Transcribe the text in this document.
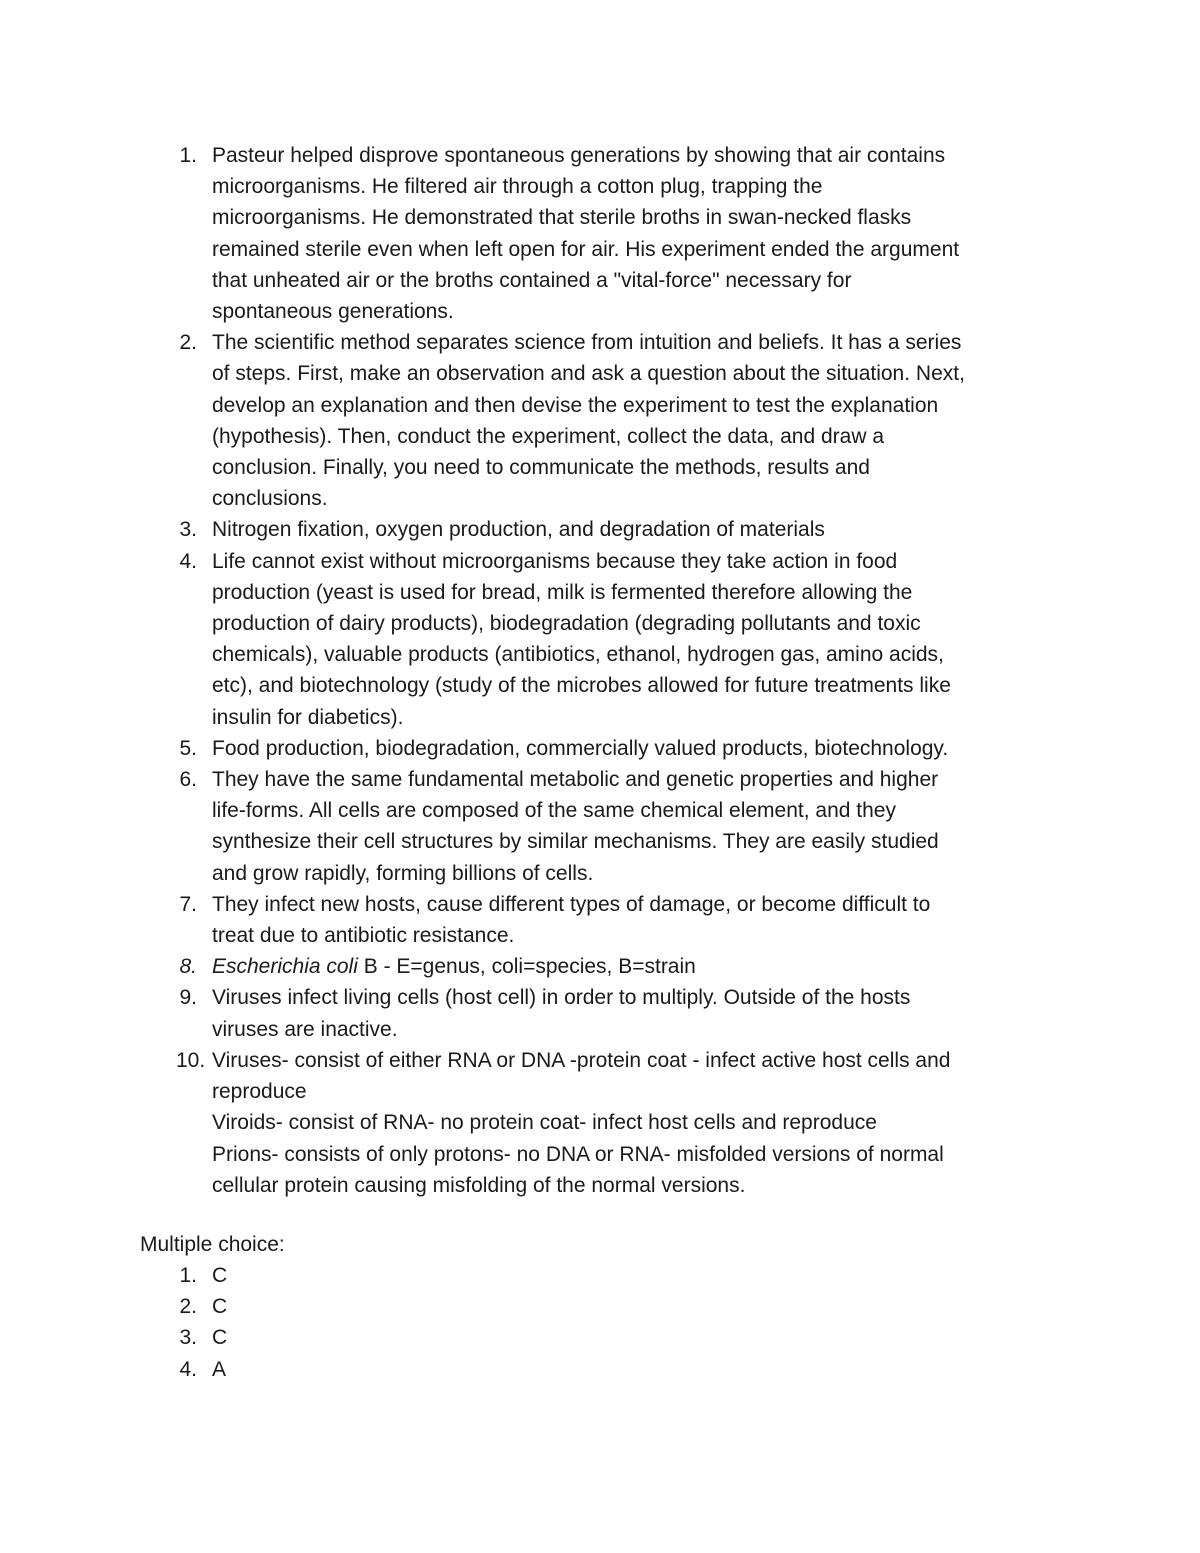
1. Pasteur helped disprove spontaneous generations by showing that air contains
microorganisms. He filtered air through a cotton plug, trapping the
microorganisms. He demonstrated that sterile broths in swan-necked flasks
remained sterile even when left open for air. His experiment ended the argument
that unheated air or the broths contained a "vital-force" necessary for
spontaneous generations.
2. The scientific method separates science from intuition and beliefs. It has a series
of steps. First, make an observation and ask a question about the situation. Next,
develop an explanation and then devise the experiment to test the explanation
(hypothesis). Then, conduct the experiment, collect the data, and draw a
conclusion. Finally, you need to communicate the methods, results and
conclusions.
3. Nitrogen fixation, oxygen production, and degradation of materials
4. Life cannot exist without microorganisms because they take action in food
production (yeast is used for bread, milk is fermented therefore allowing the
production of dairy products), biodegradation (degrading pollutants and toxic
chemicals), valuable products (antibiotics, ethanol, hydrogen gas, amino acids,
etc), and biotechnology (study of the microbes allowed for future treatments like
insulin for diabetics).
5. Food production, biodegradation, commercially valued products, biotechnology.
6. They have the same fundamental metabolic and genetic properties and higher
life-forms. All cells are composed of the same chemical element, and they
synthesize their cell structures by similar mechanisms. They are easily studied
and grow rapidly, forming billions of cells.
7. They infect new hosts, cause different types of damage, or become difficult to
treat due to antibiotic resistance.
8. Escherichia coli B - E=genus, coli=species, B=strain
9. Viruses infect living cells (host cell) in order to multiply. Outside of the hosts
viruses are inactive.
10. Viruses- consist of either RNA or DNA -protein coat - infect active host cells and
reproduce
Viroids- consist of RNA- no protein coat- infect host cells and reproduce
Prions- consists of only protons- no DNA or RNA- misfolded versions of normal
cellular protein causing misfolding of the normal versions.
Multiple choice:
1. C
2. C
3. C
4. A
